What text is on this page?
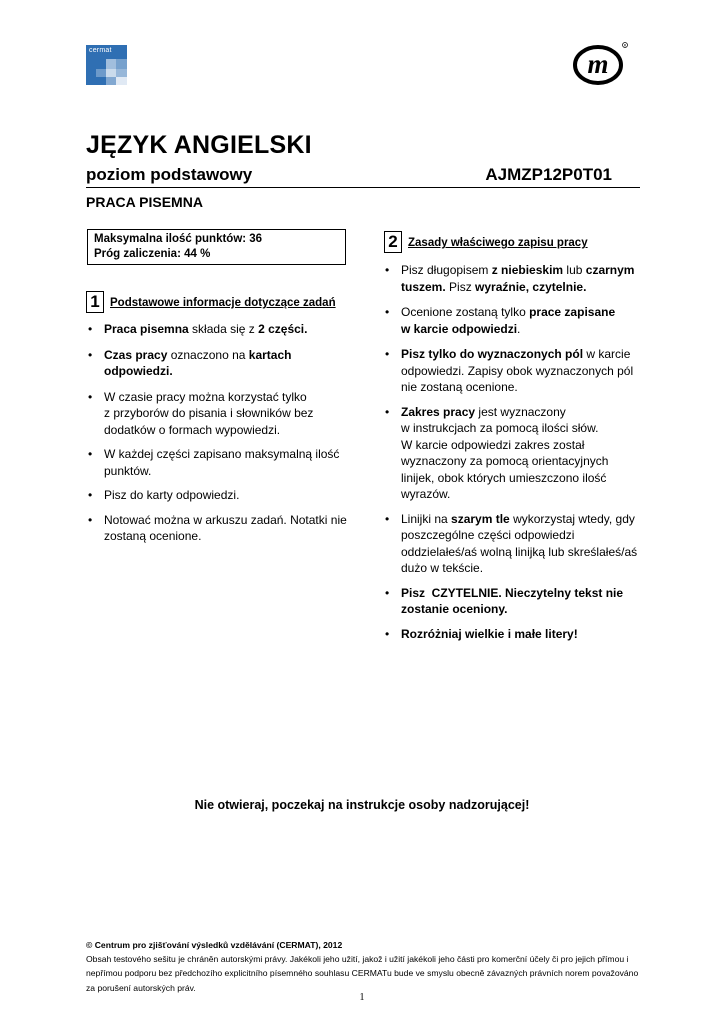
cermat	m
R
JĘZYK ANGIELSKI
poziom podstawowy	AJMZP12P0T01
PRACA PISEMNA
Maksymalna ilość punktów: 36
Próg zaliczenia: 44 %
1 Podstawowe informacje dotyczące zadań
• Praca pisemna składa się z 2 części.
• Czas pracy oznaczono na kartach odpowiedzi.
• W czasie pracy można korzystać tylko
z przyborów do pisania i słowników bez dodatków o formach wypowiedzi.
• W każdej części zapisano maksymalną ilość punktów.
• Pisz do karty odpowiedzi.
• Notować można w arkuszu zadań. Notatki nie zostaną ocenione.
2 Zasady właściwego zapisu pracy
• Pisz długopisem z niebieskim lub czarnym tuszem. Pisz wyraźnie, czytelnie.
• Ocenione zostaną tylko prace zapisane
w karcie odpowiedzi.
• Pisz tylko do wyznaczonych pól w karcie odpowiedzi. Zapisy obok wyznaczonych pól nie zostaną ocenione.
• Zakres pracy jest wyznaczony
w instrukcjach za pomocą ilości słów.
W karcie odpowiedzi zakres został wyznaczony za pomocą orientacyjnych linijek, obok których umieszczono ilość wyrazów.
• Linijki na szarym tle wykorzystaj wtedy, gdy  poszczególne części odpowiedzi oddzielałeś/aś wolną linijką lub skreślałeś/aś dużo w tekście.
• Pisz  CZYTELNIE. Nieczytelny tekst nie zostanie oceniony.
• Rozróżniaj wielkie i małe litery!
Nie otwieraj, poczekaj na instrukcje osoby nadzorującej!
© Centrum pro zjišťování výsledků vzdělávání (CERMAT), 2012
Obsah testového sešitu je chráněn autorskými právy. Jakékoli jeho užití, jakož i užití jakékoli jeho části pro komerční účely či pro jejich přímou i nepřímou podporu bez předchozího explicitního písemného souhlasu CERMATu bude ve smyslu obecně závazných právních norem považováno za porušení autorských práv.
1
